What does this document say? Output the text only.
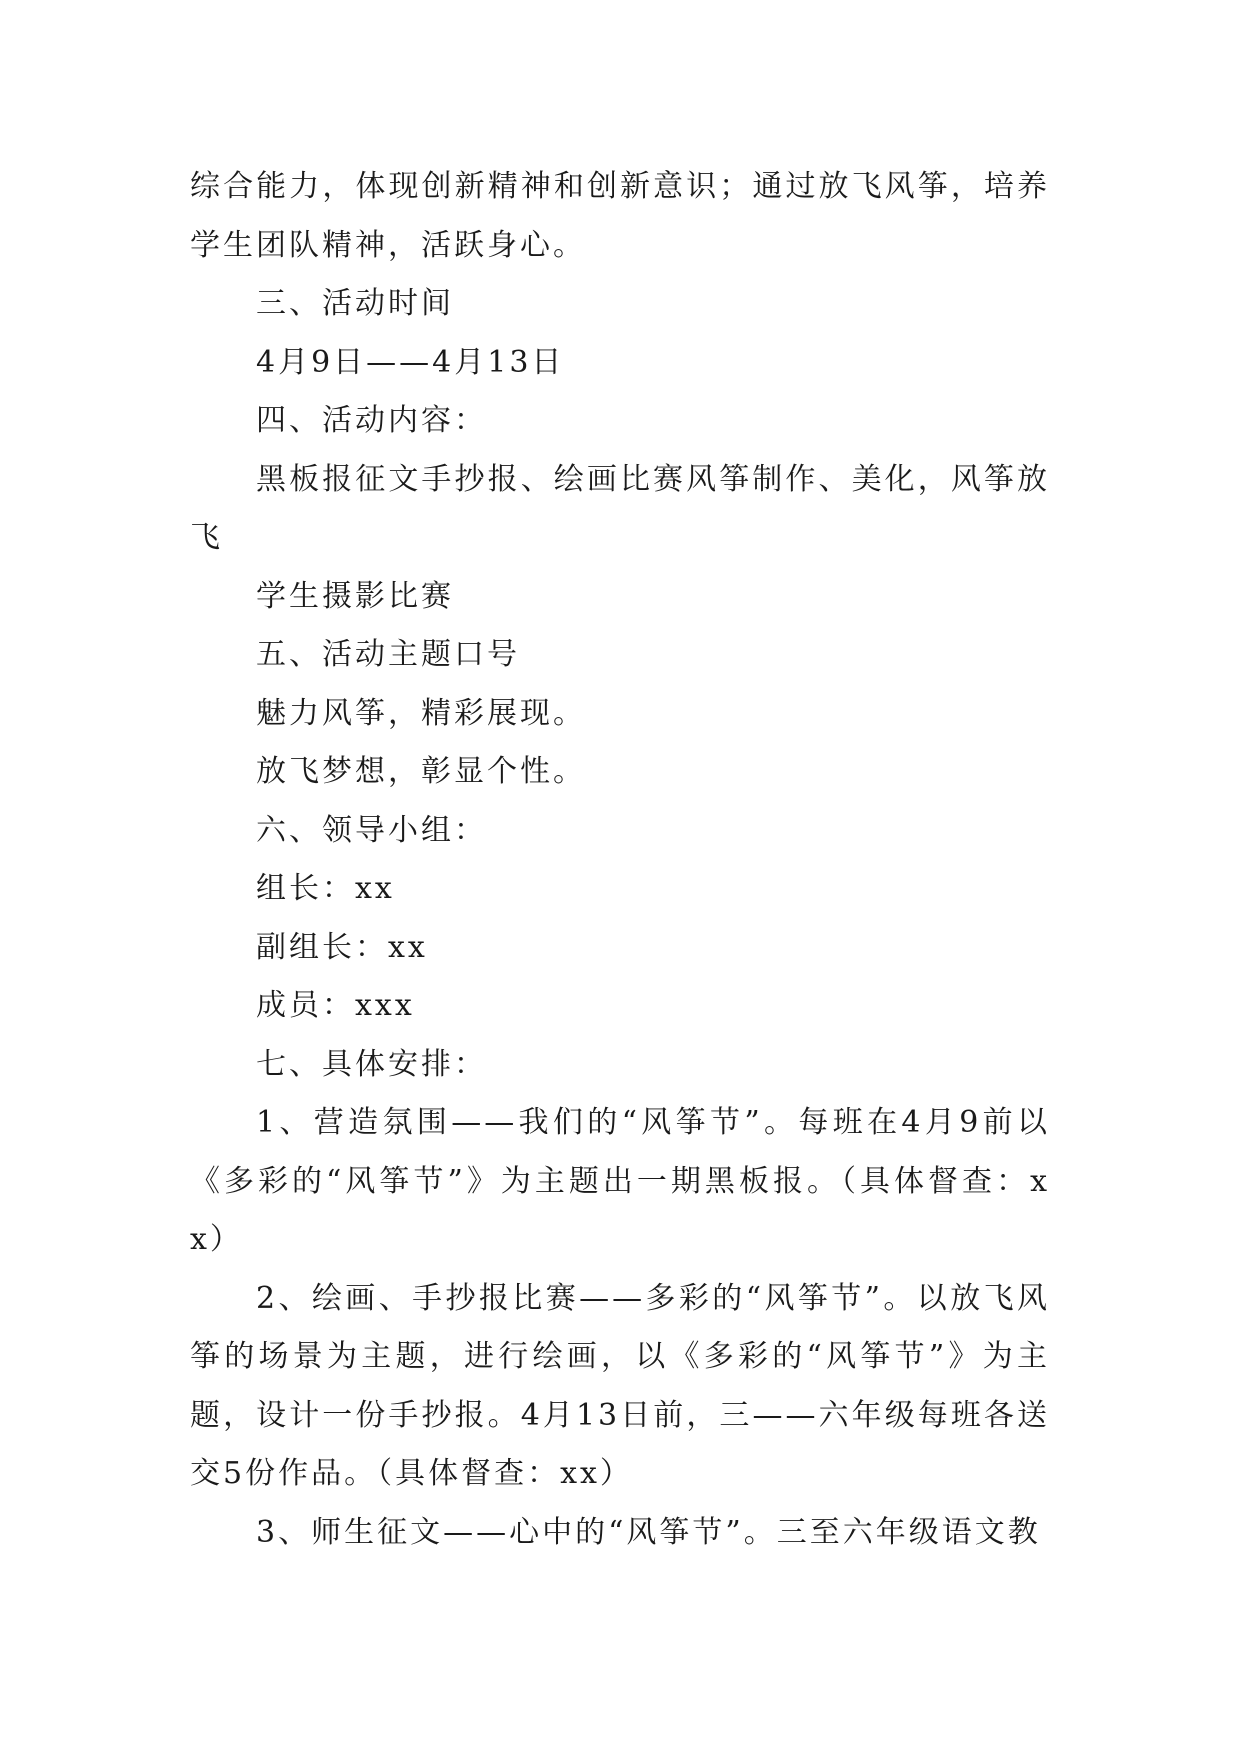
综合能力，体现创新精神和创新意识；通过放飞风筝，培养学生团队精神，活跃身心。

三、活动时间

4月9日——4月13日

四、活动内容：

黑板报征文手抄报、绘画比赛风筝制作、美化，风筝放飞

学生摄影比赛

五、活动主题口号

魅力风筝，精彩展现。

放飞梦想，彰显个性。

六、领导小组：

组长：xx

副组长：xx

成员：xxx

七、具体安排：

1、营造氛围——我们的“风筝节”。每班在4月9前以《多彩的“风筝节”》为主题出一期黑板报。（具体督查：xx）

2、绘画、手抄报比赛——多彩的“风筝节”。以放飞风筝的场景为主题，进行绘画，以《多彩的“风筝节”》为主题，设计一份手抄报。4月13日前，三——六年级每班各送交5份作品。（具体督查：xx）

3、师生征文——心中的“风筝节”。三至六年级语文教
